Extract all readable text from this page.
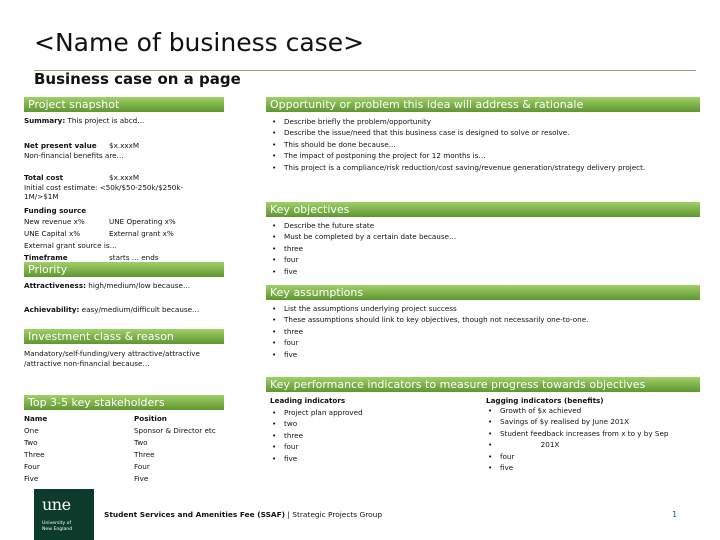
<Name of business case>
Business case on a page
Project snapshot
Summary: This project is abcd…
Net present value $x.xxxM
Non-financial benefits are…
Total cost	$x.xxxM
Initial cost estimate: <50k/$50-250k/$250k-
1M/>$1M
Funding source
New revenue x%	UNE Operating x%
UNE Capital x%	External grant x%
External grant source is…
Timeframe	starts … ends
Priority
Attractiveness: high/medium/low because…
Achievability: easy/medium/difficult because…
Investment class & reason
Mandatory/self-funding/very attractive/attractive
/attractive non-financial because…
Top 3-5 key stakeholders
Name	Position
One	Sponsor & Director etc
Two	Two
Three	Three
Four	Four
Five	Five
Opportunity or problem this idea will address & rationale
• Describe briefly the problem/opportunity
• Describe the issue/need that this business case is designed to solve or resolve.
• This should be done because…
• The impact of postponing the project for 12 months is…
• This project is a compliance/risk reduction/cost saving/revenue generation/strategy delivery project.
Key objectives
• Describe the future state
• Must be completed by a certain date because…
• three
• four
• five
Key assumptions
• List the assumptions underlying project success
• These assumptions should link to key objectives, though not necessarily one-to-one.
• three
• four
• five
Key performance indicators to measure progress towards objectives
Leading indicators
• Project plan approved
• two
• three
• four
• five
Lagging indicators (benefits)
• Growth of $x achieved
• Savings of $y realised by June 201X
• Student feedback increases from x to y by Sep
• 201X
• four
• five
une
University of
New England
Student Services and Amenities Fee (SSAF) | Strategic Projects Group	1
